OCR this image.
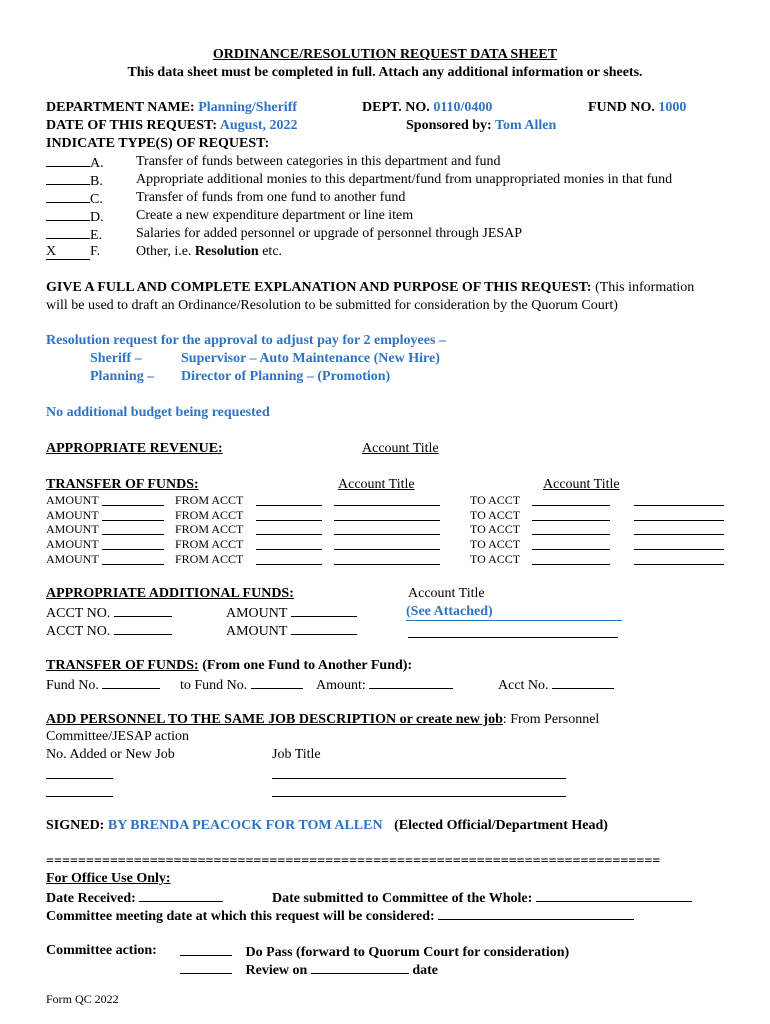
ORDINANCE/RESOLUTION REQUEST DATA SHEET
This data sheet must be completed in full. Attach any additional information or sheets.
DEPARTMENT NAME: Planning/Sheriff	DEPT. NO. 0110/0400	FUND NO. 1000
DATE OF THIS REQUEST: August, 2022	Sponsored by: Tom Allen
INDICATE TYPE(S) OF REQUEST:
A. Transfer of funds between categories in this department and fund
B. Appropriate additional monies to this department/fund from unappropriated monies in that fund
C. Transfer of funds from one fund to another fund
D. Create a new expenditure department or line item
E. Salaries for added personnel or upgrade of personnel through JESAP
X F.	Other, i.e. Resolution etc.
GIVE A FULL AND COMPLETE EXPLANATION AND PURPOSE OF THIS REQUEST: (This information
will be used to draft an Ordinance/Resolution to be submitted for consideration by the Quorum Court)
Resolution request for the approval to adjust pay for 2 employees –
Sheriff –	Supervisor – Auto Maintenance (New Hire)
Planning – Director of Planning – (Promotion)
No additional budget being requested
APPROPRIATE REVENUE:	Account Title
TRANSFER OF FUNDS:	Account Title	Account Title
AMOUNT	FROM ACCT	TO ACCT
AMOUNT	FROM ACCT	TO ACCT
AMOUNT	FROM ACCT	TO ACCT
AMOUNT	FROM ACCT	TO ACCT
AMOUNT	FROM ACCT	TO ACCT
APPROPRIATE ADDITIONAL FUNDS:	Account Title
ACCT NO.	AMOUNT	(See Attached)
ACCT NO.	AMOUNT
TRANSFER OF FUNDS: (From one Fund to Another Fund):
Fund No.	to Fund No.	Amount:	Acct No.
ADD PERSONNEL TO THE SAME JOB DESCRIPTION or create new job: From Personnel
Committee/JESAP action
No. Added or New Job	Job Title
SIGNED: BY BRENDA PEACOCK FOR TOM ALLEN (Elected Official/Department Head)
=============================================================================
For Office Use Only:
Date Received:	Date submitted to Committee of the Whole:
Committee meeting date at which this request will be considered:
Committee action:	Do Pass (forward to Quorum Court for consideration)
Review on	date
Form QC 2022
